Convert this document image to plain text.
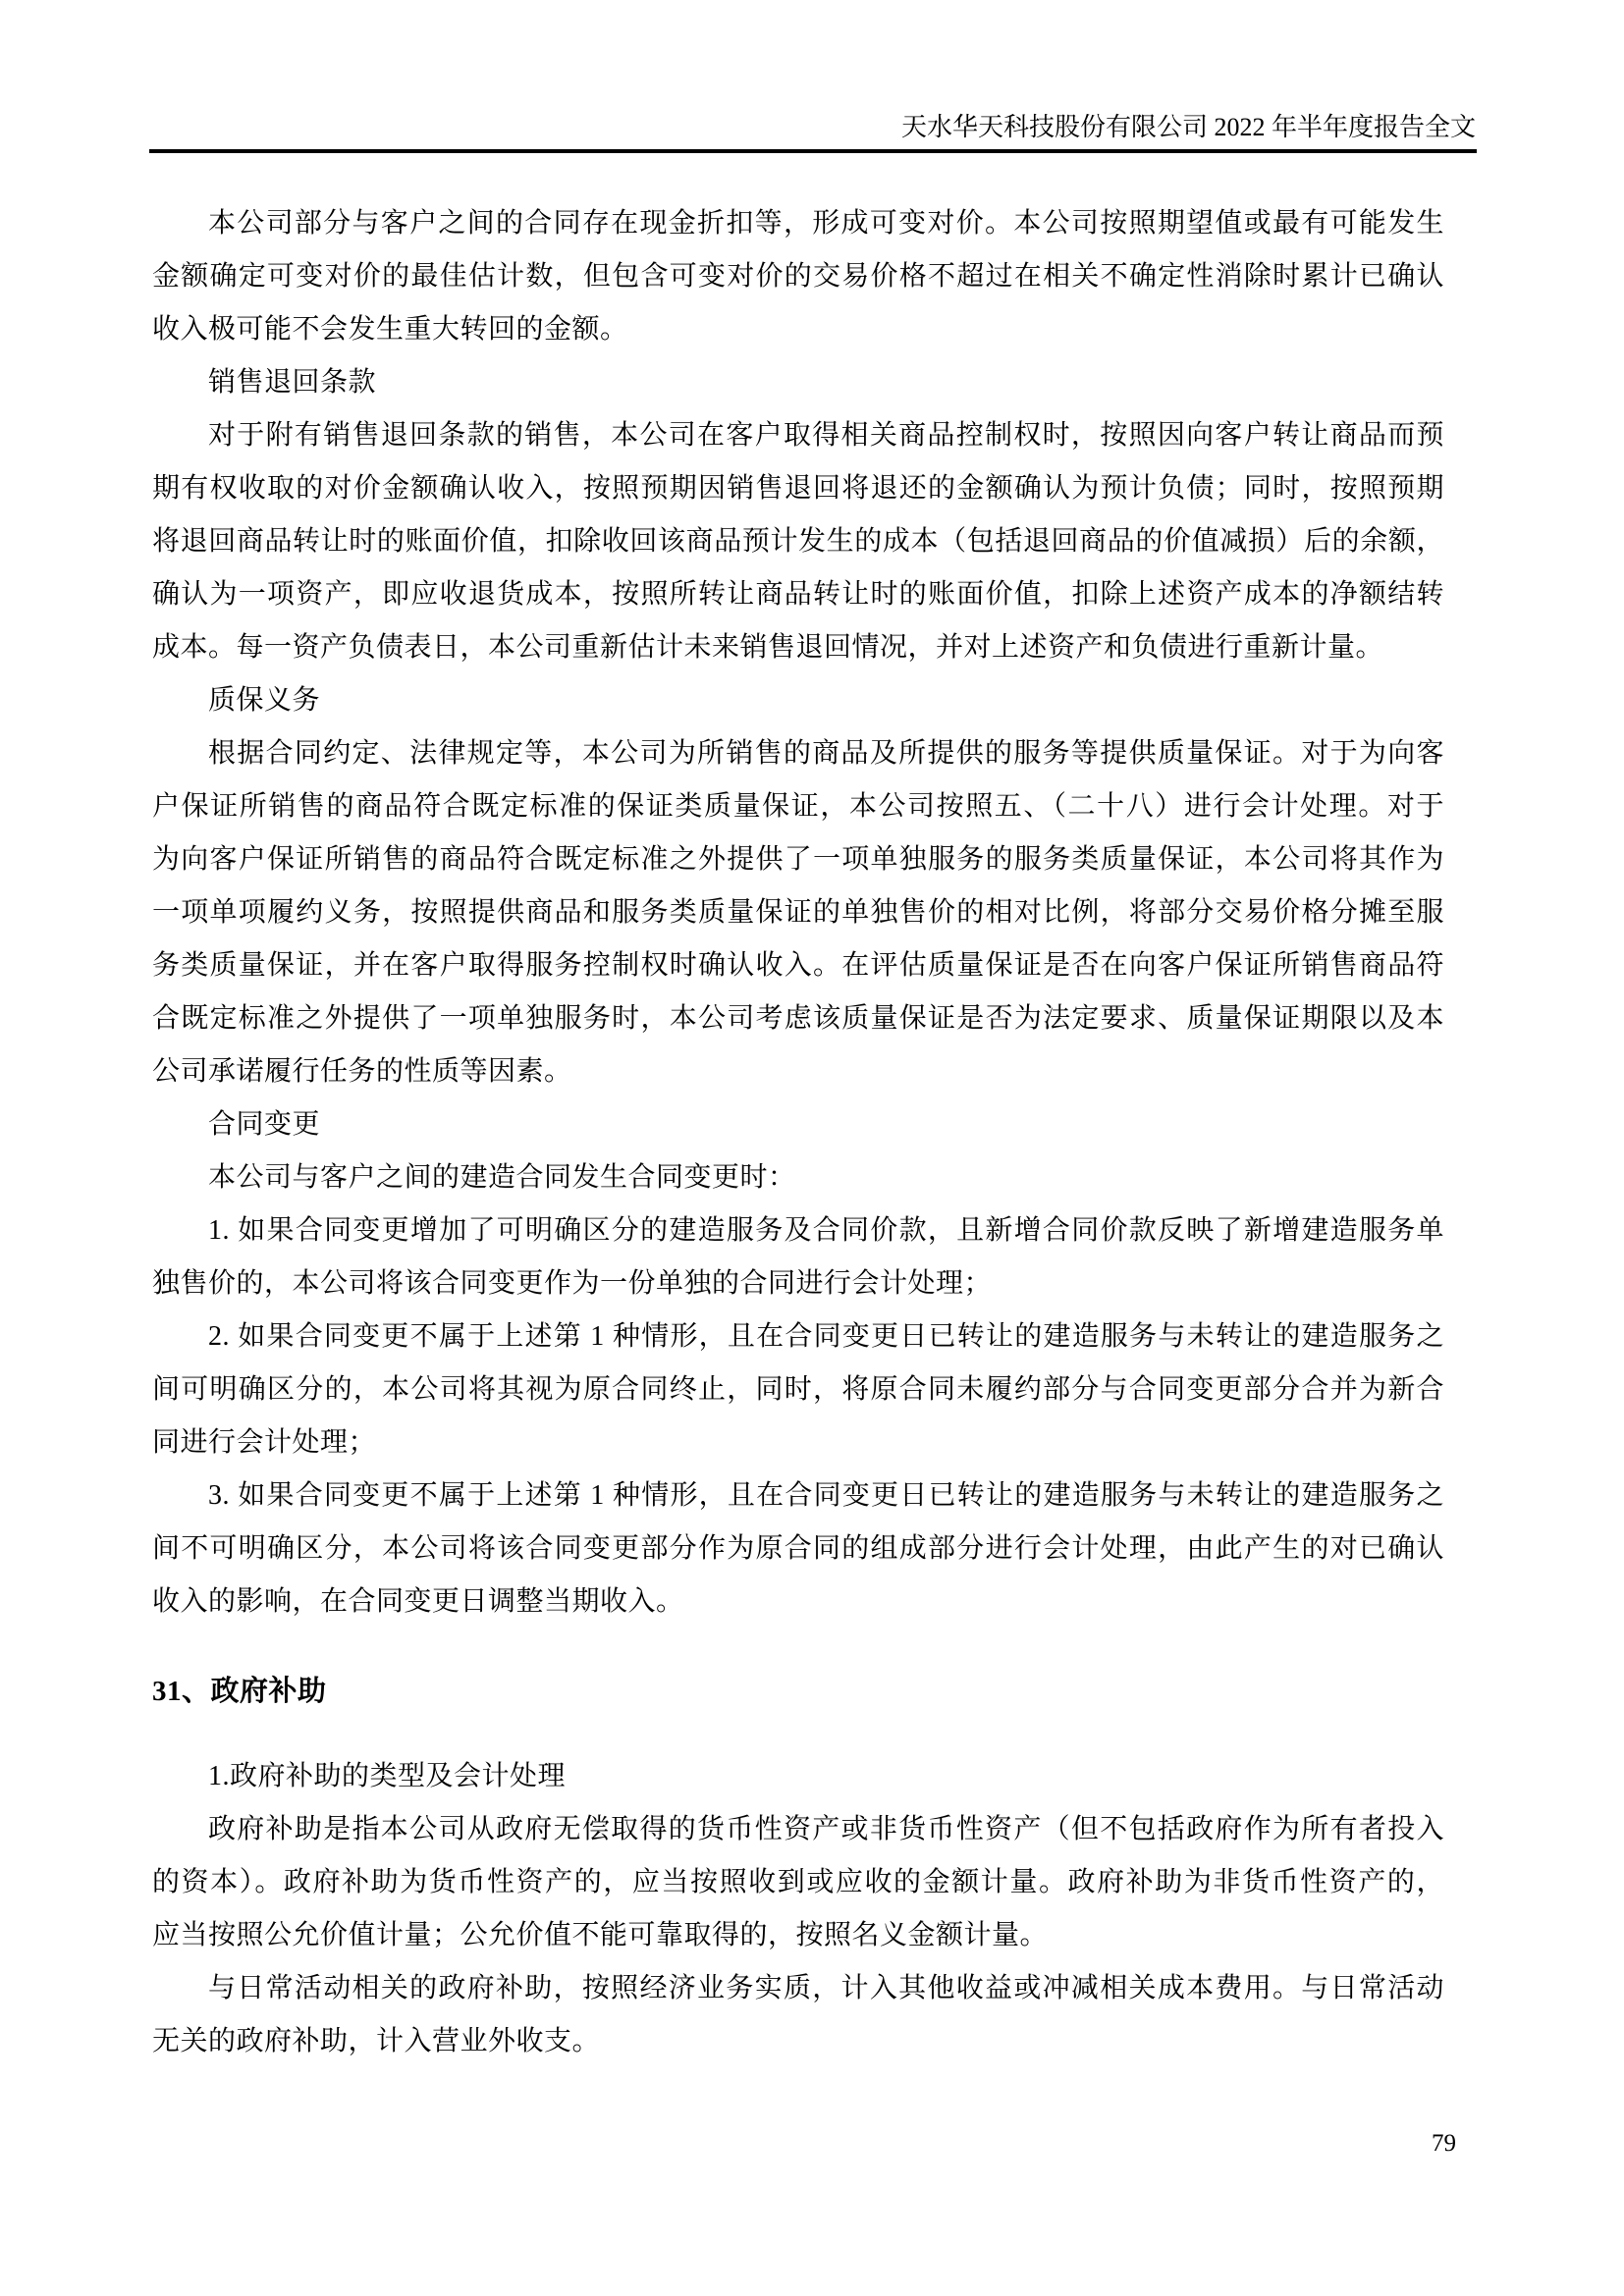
天水华天科技股份有限公司 2022 年半年度报告全文
本公司部分与客户之间的合同存在现金折扣等，形成可变对价。本公司按照期望值或最有可能发生
金额确定可变对价的最佳估计数，但包含可变对价的交易价格不超过在相关不确定性消除时累计已确认
收入极可能不会发生重大转回的金额。
销售退回条款
对于附有销售退回条款的销售，本公司在客户取得相关商品控制权时，按照因向客户转让商品而预
期有权收取的对价金额确认收入，按照预期因销售退回将退还的金额确认为预计负债；同时，按照预期
将退回商品转让时的账面价值，扣除收回该商品预计发生的成本（包括退回商品的价值减损）后的余额，
确认为一项资产，即应收退货成本，按照所转让商品转让时的账面价值，扣除上述资产成本的净额结转
成本。每一资产负债表日，本公司重新估计未来销售退回情况，并对上述资产和负债进行重新计量。
质保义务
根据合同约定、法律规定等，本公司为所销售的商品及所提供的服务等提供质量保证。对于为向客
户保证所销售的商品符合既定标准的保证类质量保证，本公司按照五、（二十八）进行会计处理。对于
为向客户保证所销售的商品符合既定标准之外提供了一项单独服务的服务类质量保证，本公司将其作为
一项单项履约义务，按照提供商品和服务类质量保证的单独售价的相对比例，将部分交易价格分摊至服
务类质量保证，并在客户取得服务控制权时确认收入。在评估质量保证是否在向客户保证所销售商品符
合既定标准之外提供了一项单独服务时，本公司考虑该质量保证是否为法定要求、质量保证期限以及本
公司承诺履行任务的性质等因素。
合同变更
本公司与客户之间的建造合同发生合同变更时：
1. 如果合同变更增加了可明确区分的建造服务及合同价款，且新增合同价款反映了新增建造服务单
独售价的，本公司将该合同变更作为一份单独的合同进行会计处理；
2. 如果合同变更不属于上述第 1 种情形，且在合同变更日已转让的建造服务与未转让的建造服务之
间可明确区分的，本公司将其视为原合同终止，同时，将原合同未履约部分与合同变更部分合并为新合
同进行会计处理；
3. 如果合同变更不属于上述第 1 种情形，且在合同变更日已转让的建造服务与未转让的建造服务之
间不可明确区分，本公司将该合同变更部分作为原合同的组成部分进行会计处理，由此产生的对已确认
收入的影响，在合同变更日调整当期收入。
31、政府补助
1.政府补助的类型及会计处理
政府补助是指本公司从政府无偿取得的货币性资产或非货币性资产（但不包括政府作为所有者投入
的资本）。政府补助为货币性资产的，应当按照收到或应收的金额计量。政府补助为非货币性资产的，
应当按照公允价值计量；公允价值不能可靠取得的，按照名义金额计量。
与日常活动相关的政府补助，按照经济业务实质，计入其他收益或冲减相关成本费用。与日常活动
无关的政府补助，计入营业外收支。
79
